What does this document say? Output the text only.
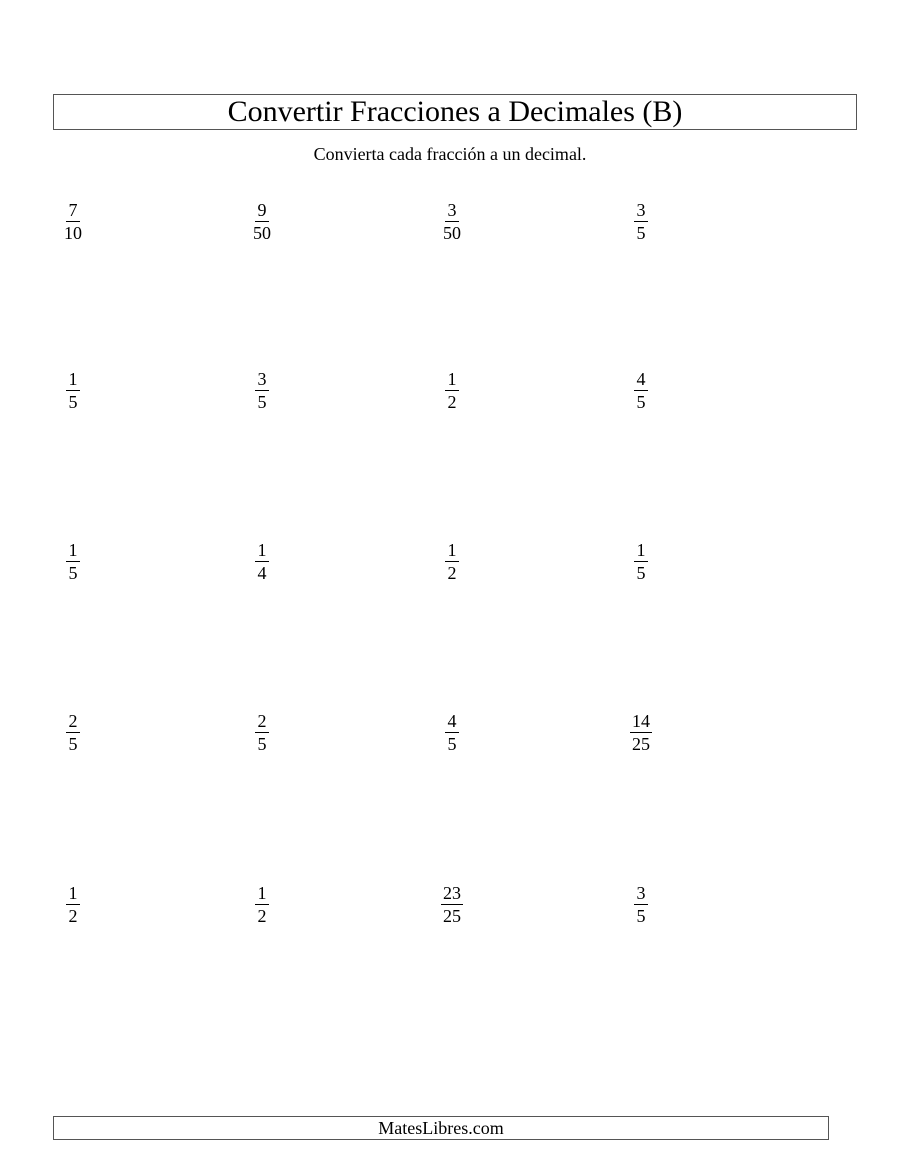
Convertir Fracciones a Decimales (B)
Convierta cada fracción a un decimal.
$\frac{7}{10}$	$\frac{9}{50}$	$\frac{3}{50}$	$\frac{3}{5}$
$\frac{1}{5}$	$\frac{3}{5}$	$\frac{1}{2}$	$\frac{4}{5}$
$\frac{1}{5}$	$\frac{1}{4}$	$\frac{1}{2}$	$\frac{1}{5}$
$\frac{2}{5}$	$\frac{2}{5}$	$\frac{4}{5}$	$\frac{14}{25}$
$\frac{1}{2}$	$\frac{1}{2}$	$\frac{23}{25}$	$\frac{3}{5}$
MatesLibres.com
